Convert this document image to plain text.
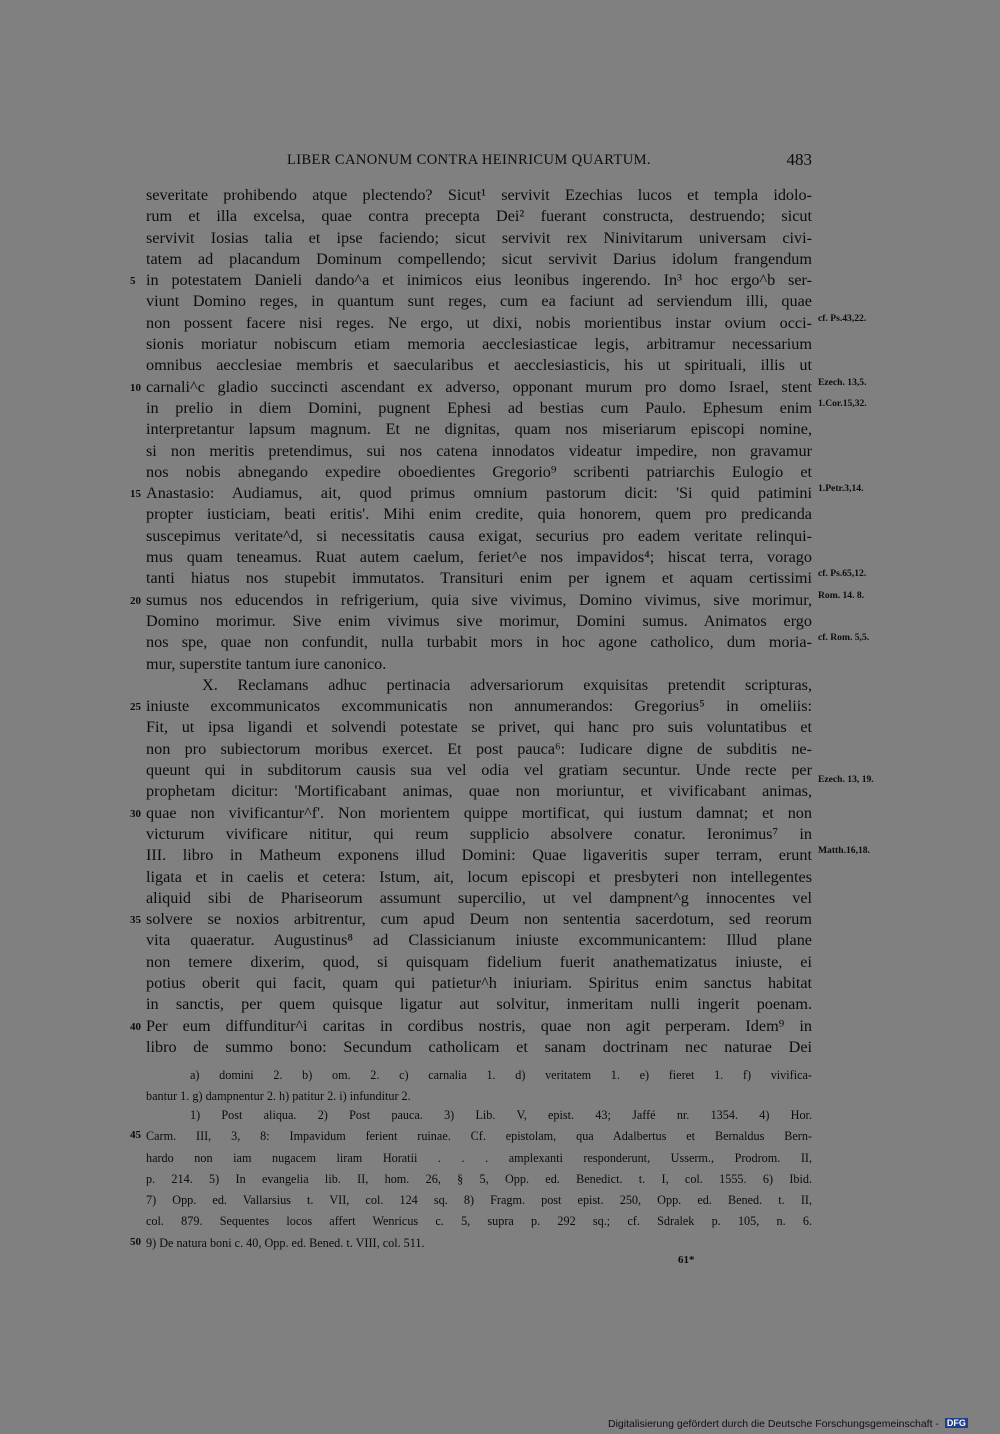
LIBER CANONUM CONTRA HEINRICUM QUARTUM.	483
severitate prohibendo atque plectendo? Sicut¹ servivit Ezechias lucos et templa idolo-
rum et illa excelsa, quae contra precepta Dei² fuerant constructa, destruendo; sicut
servivit Iosias talia et ipse faciendo; sicut servivit rex Ninivitarum universam civi-
tatem ad placandum Dominum compellendo; sicut servivit Darius idolum frangendum
in potestatem Danieli dando^a et inimicos eius leonibus ingerendo. In³ hoc ergo^b ser-
5
viunt Domino reges, in quantum sunt reges, cum ea faciunt ad serviendum illi, quae
non possent facere nisi reges. Ne ergo, ut dixi, nobis morientibus instar ovium occi- cf. Ps.43,22.
sionis moriatur nobiscum etiam memoria aecclesiasticae legis, arbitramur necessarium
omnibus aecclesiae membris et saecularibus et aecclesiasticis, his ut spirituali, illis ut
carnali^c gladio succincti ascendant ex adverso, opponant murum pro domo Israel, stent
10	Ezech. 13,5.
in prelio in diem Domini, pugnent Ephesi ad bestias cum Paulo. Ephesum enim 1.Cor.15,32.
interpretantur lapsum magnum. Et ne dignitas, quam nos miseriarum episcopi nomine,
si non meritis pretendimus, sui nos catena innodatos videatur impedire, non gravamur
nos nobis abnegando expedire oboedientes Gregorio⁹ scribenti patriarchis Eulogio et
Anastasio: Audiamus, ait, quod primus omnium pastorum dicit: 'Si quid patimini
15	1.Petr.3,14.
propter iusticiam, beati eritis'. Mihi enim credite, quia honorem, quem pro predicanda
suscepimus veritate^d, si necessitatis causa exigat, securius pro eadem veritate relinqui-
mus quam teneamus. Ruat autem caelum, feriet^e nos impavidos⁴; hiscat terra, vorago
tanti hiatus nos stupebit immutatos. Transituri enim per ignem et aquam certissimi cf. Ps.65,12.
sumus nos educendos in refrigerium, quia sive vivimus, Domino vivimus, sive morimur,
20	Rom. 14. 8.
Domino morimur. Sive enim vivimus sive morimur, Domini sumus. Animatos ergo
nos spe, quae non confundit, nulla turbabit mors in hoc agone catholico, dum moria- cf. Rom. 5,5.
mur, superstite tantum iure canonico.
X. Reclamans adhuc pertinacia adversariorum exquisitas pretendit scripturas,
iniuste excommunicatos excommunicatis non annumerandos: Gregorius⁵ in omeliis:
25
Fit, ut ipsa ligandi et solvendi potestate se privet, qui hanc pro suis voluntatibus et
non pro subiectorum moribus exercet. Et post pauca⁶: Iudicare digne de subditis ne-
queunt qui in subditorum causis sua vel odia vel gratiam secuntur. Unde recte per
prophetam dicitur: 'Mortificabant animas, quae non moriuntur, et vivificabant animas,
Ezech. 13, 19.
quae non vivificantur^f'. Non morientem quippe mortificat, qui iustum damnat; et non
30
victurum vivificare nititur, qui reum supplicio absolvere conatur. Ieronimus⁷ in
III. libro in Matheum exponens illud Domini: Quae ligaveritis super terram, erunt Matth.16,18.
ligata et in caelis et cetera: Istum, ait, locum episcopi et presbyteri non intellegentes
aliquid sibi de Phariseorum assumunt supercilio, ut vel dampnent^g innocentes vel
solvere se noxios arbitrentur, cum apud Deum non sententia sacerdotum, sed reorum
35
vita quaeratur. Augustinus⁸ ad Classicianum iniuste excommunicantem: Illud plane
non temere dixerim, quod, si quisquam fidelium fuerit anathematizatus iniuste, ei
potius oberit qui facit, quam qui patietur^h iniuriam. Spiritus enim sanctus habitat
in sanctis, per quem quisque ligatur aut solvitur, inmeritam nulli ingerit poenam.
Per eum diffunditur^i caritas in cordibus nostris, quae non agit perperam. Idem⁹ in
40
libro de summo bono: Secundum catholicam et sanam doctrinam nec naturae Dei
a) domini 2. b) om. 2. c) carnalia 1. d) veritatem 1. e) fieret 1. f) vivifica-
bantur 1. g) dampnentur 2. h) patitur 2. i) infunditur 2.
1) Post aliqua. 2) Post pauca. 3) Lib. V, epist. 43; Jaffé nr. 1354. 4) Hor.
Carm. III, 3, 8: Impavidum ferient ruinae. Cf. epistolam, qua Adalbertus et Bernaldus Bern-
45
hardo non iam nugacem liram Horatii . . . amplexanti responderunt, Usserm., Prodrom. II,
p. 214. 5) In evangelia lib. II, hom. 26, § 5, Opp. ed. Benedict. t. I, col. 1555. 6) Ibid.
7) Opp. ed. Vallarsius t. VII, col. 124 sq. 8) Fragm. post epist. 250, Opp. ed. Bened. t. II,
col. 879. Sequentes locos affert Wenricus c. 5, supra p. 292 sq.; cf. Sdralek p. 105, n. 6.
9) De natura boni c. 40, Opp. ed. Bened. t. VIII, col. 511.
50
61*
Digitalisierung gefördert durch die Deutsche Forschungsgemeinschaft - DFG
